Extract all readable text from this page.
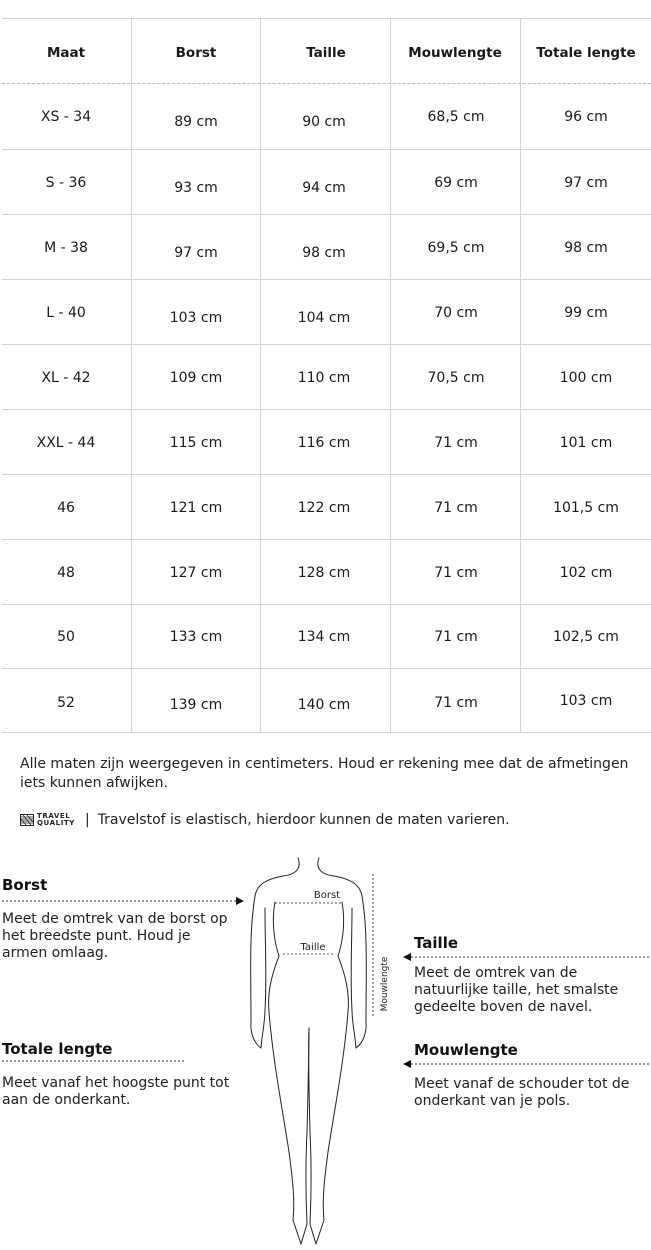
Maat	Borst	Taille	Mouwlengte	Totale lengte
XS - 34	89 cm	90 cm	68,5 cm	96 cm
S - 36	93 cm	94 cm	69 cm	97 cm
M - 38	97 cm	98 cm	69,5 cm	98 cm
L - 40	103 cm	104 cm	70 cm	99 cm
XL - 42	109 cm	110 cm	70,5 cm	100 cm
XXL - 44	115 cm	116 cm	71 cm	101 cm
46	121 cm	122 cm	71 cm	101,5 cm
48	127 cm	128 cm	71 cm	102 cm
50	133 cm	134 cm	71 cm	102,5 cm
52	139 cm	140 cm	71 cm	103 cm
Alle maten zijn weergegeven in centimeters. Houd er rekening mee dat de afmetingen iets kunnen afwijken.
TRAVEL
QUALITY | Travelstof is elastisch, hierdoor kunnen de maten varieren.
Borst
Meet de omtrek van de borst op het breedste punt. Houd je armen omlaag.
Totale lengte
Meet vanaf het hoogste punt tot aan de onderkant.
Taille
Meet de omtrek van de natuurlijke taille, het smalste gedeelte boven de navel.
Mouwlengte
Meet vanaf de schouder tot de onderkant van je pols.
Borst
Taille
Mouwlengte
